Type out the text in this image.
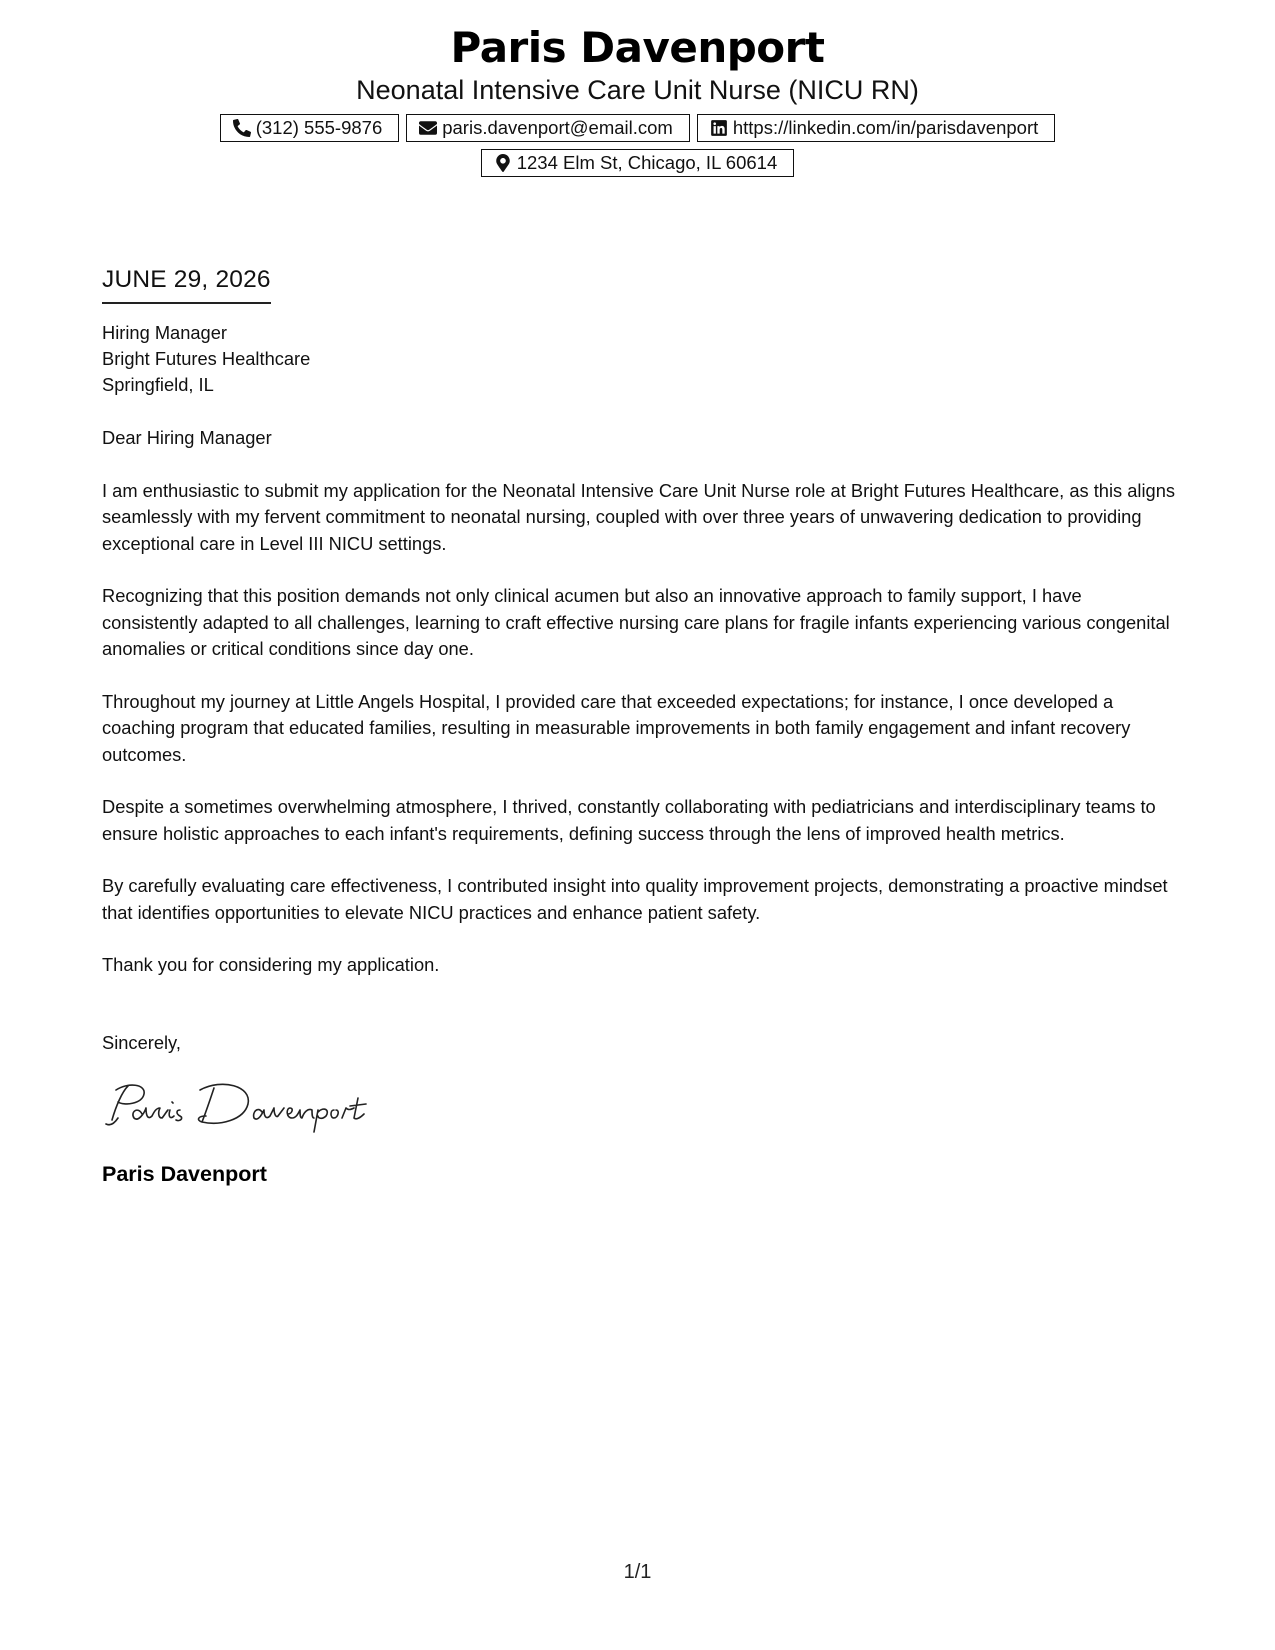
Paris Davenport
Neonatal Intensive Care Unit Nurse (NICU RN)
(312) 555-9876	paris.davenport@email.com	https://linkedin.com/in/parisdavenport
1234 Elm St, Chicago, IL 60614
JUNE 29, 2026
Hiring Manager
Bright Futures Healthcare
Springfield, IL
Dear Hiring Manager

I am enthusiastic to submit my application for the Neonatal Intensive Care Unit Nurse role at Bright Futures Healthcare, as this aligns seamlessly with my fervent commitment to neonatal nursing, coupled with over three years of unwavering dedication to providing exceptional care in Level III NICU settings.

Recognizing that this position demands not only clinical acumen but also an innovative approach to family support, I have consistently adapted to all challenges, learning to craft effective nursing care plans for fragile infants experiencing various congenital anomalies or critical conditions since day one.

Throughout my journey at Little Angels Hospital, I provided care that exceeded expectations; for instance, I once developed a coaching program that educated families, resulting in measurable improvements in both family engagement and infant recovery outcomes.

Despite a sometimes overwhelming atmosphere, I thrived, constantly collaborating with pediatricians and interdisciplinary teams to ensure holistic approaches to each infant's requirements, defining success through the lens of improved health metrics.

By carefully evaluating care effectiveness, I contributed insight into quality improvement projects, demonstrating a proactive mindset that identifies opportunities to elevate NICU practices and enhance patient safety.

Thank you for considering my application.

Sincerely,
Paris Davenport
1/1
